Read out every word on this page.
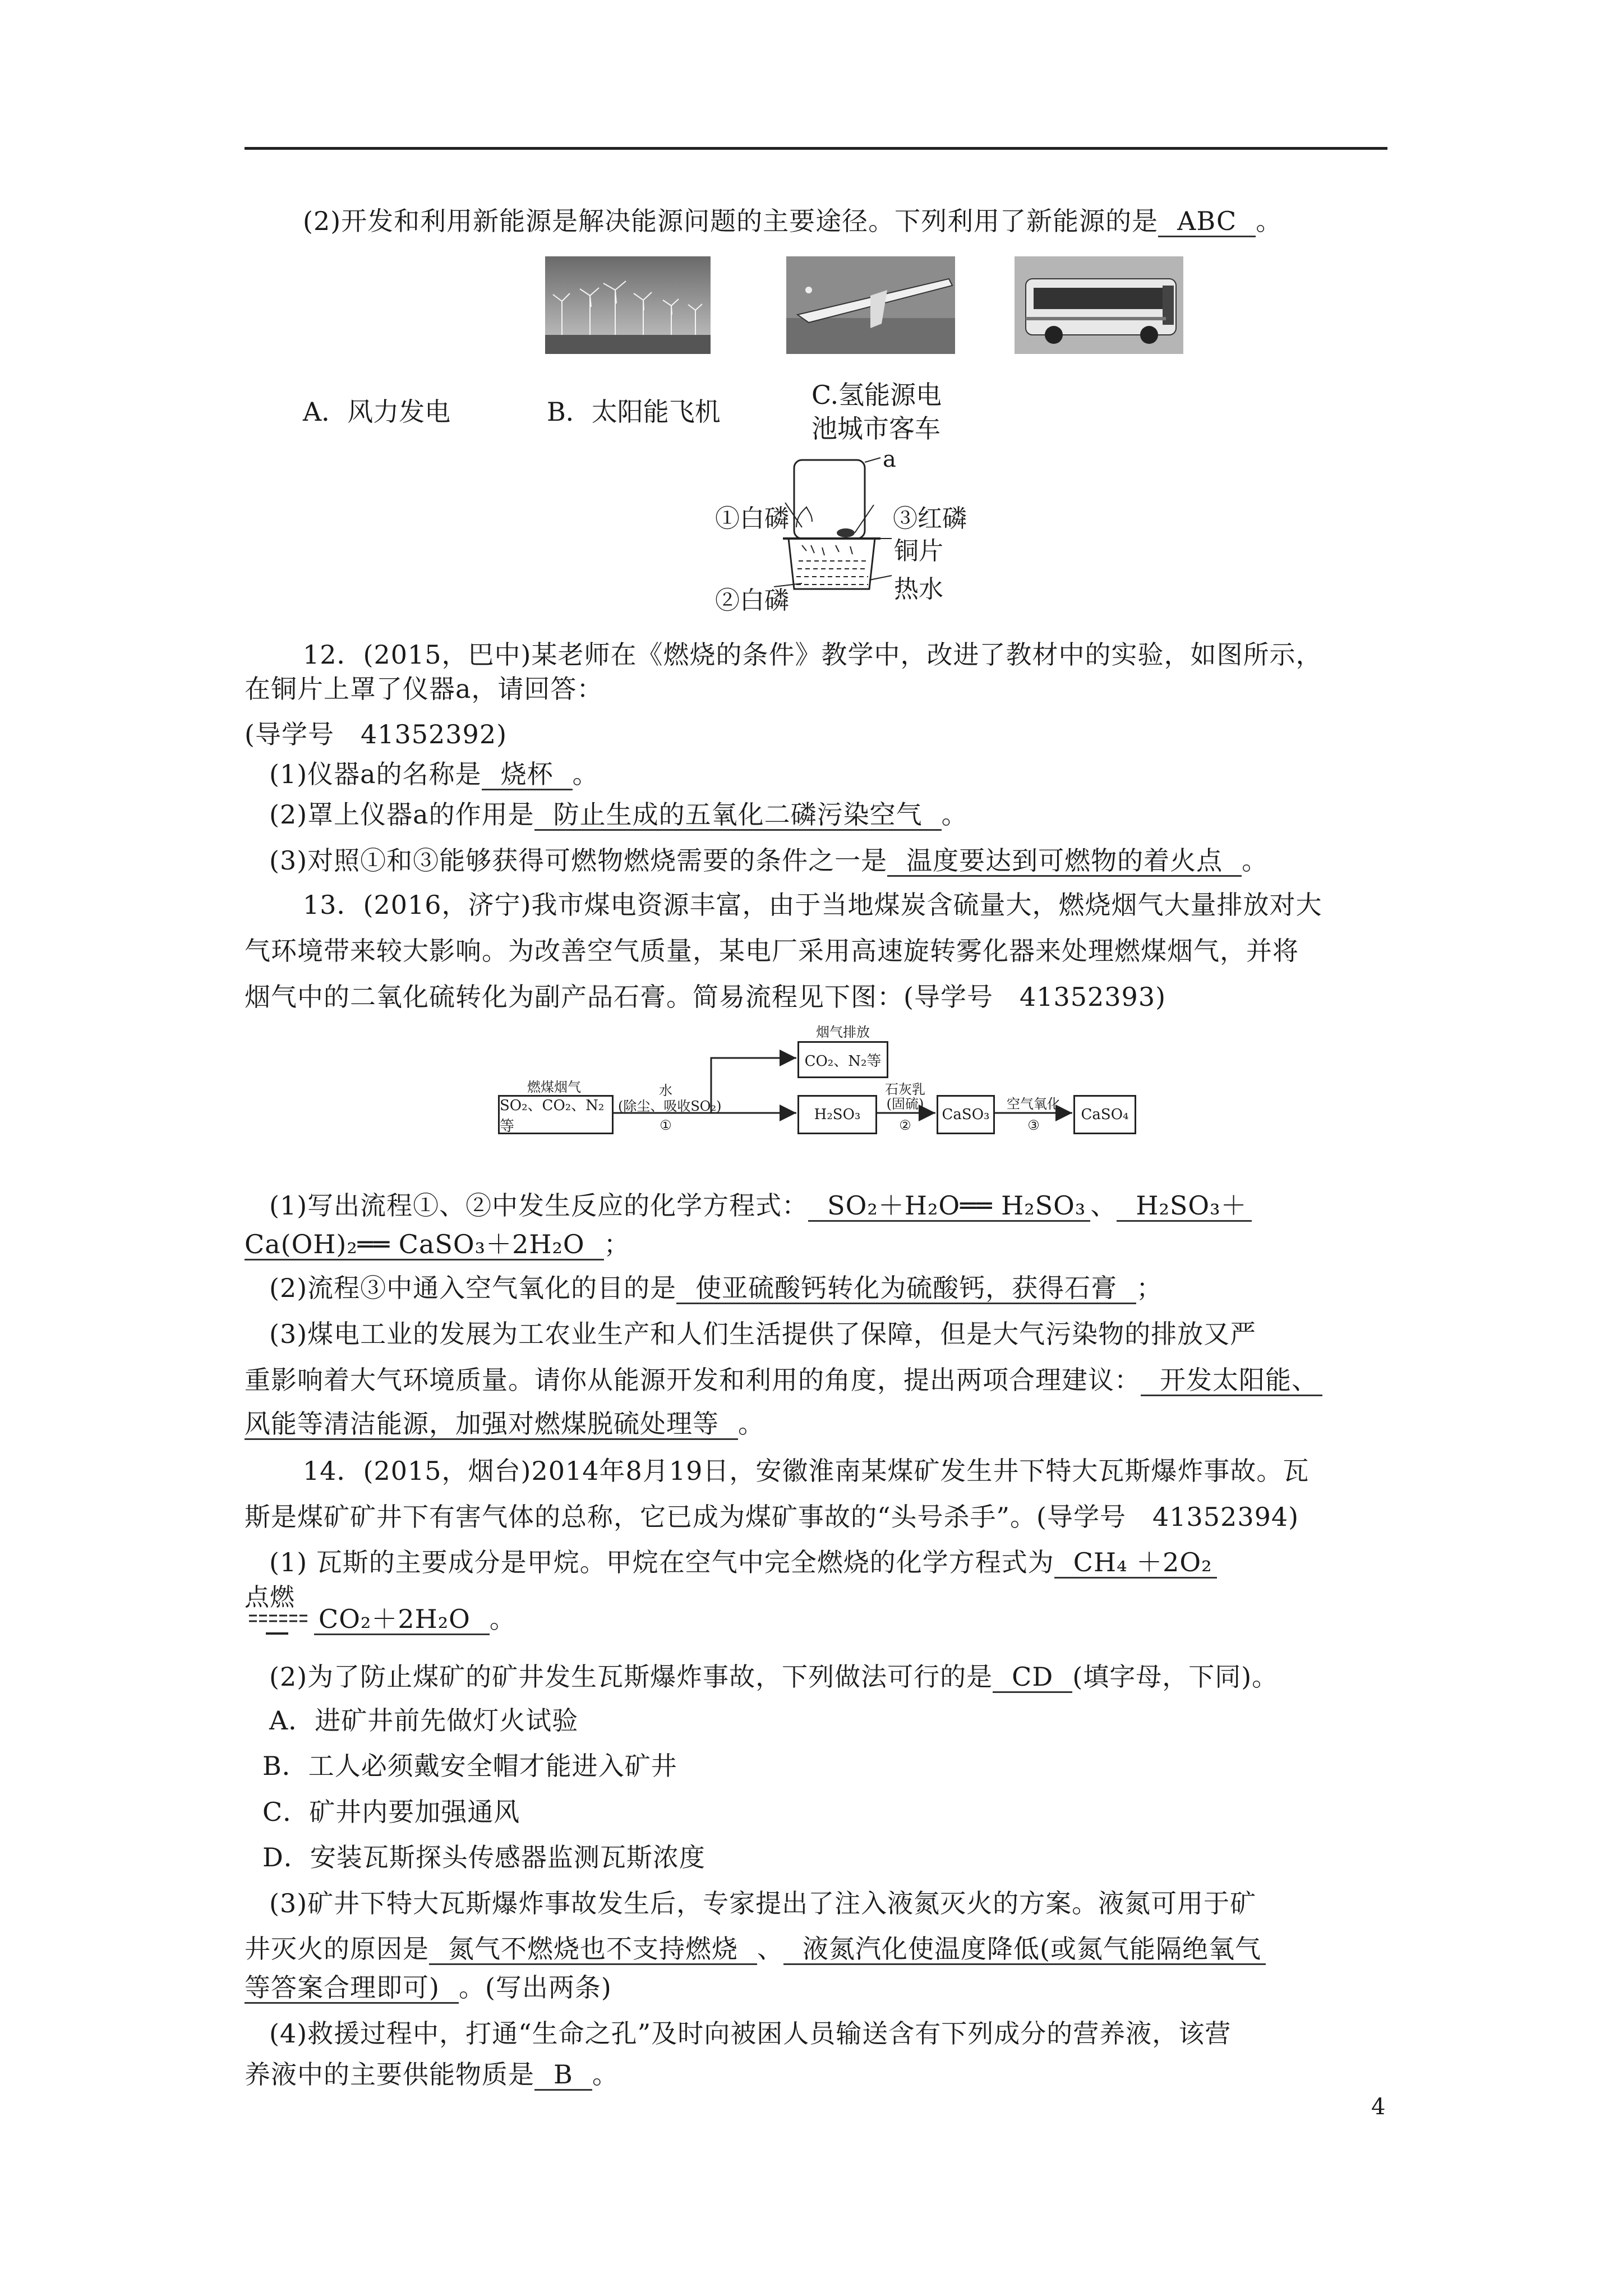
(2)开发和利用新能源是解决能源问题的主要途径。下列利用了新能源的是 ABC 。
A．风力发电	B．太阳能飞机
C.氢能源电
池城市客车
a
①白磷	③红磷
铜片
②白磷	热水
12．(2015，巴中)某老师在《燃烧的条件》教学中，改进了教材中的实验，如图所示，
在铜片上罩了仪器a，请回答：
(导学号　41352392)
(1)仪器a的名称是 烧杯 。
(2)罩上仪器a的作用是 防止生成的五氧化二磷污染空气 。
(3)对照①和③能够获得可燃物燃烧需要的条件之一是 温度要达到可燃物的着火点 。
13．(2016，济宁)我市煤电资源丰富，由于当地煤炭含硫量大，燃烧烟气大量排放对大
气环境带来较大影响。为改善空气质量，某电厂采用高速旋转雾化器来处理燃煤烟气，并将
烟气中的二氧化硫转化为副产品石膏。简易流程见下图：(导学号　41352393)
烟气排放
CO₂、N₂等
燃煤烟气
SO₂、CO₂、N₂等
水
(除尘、吸收SO₂)
①
H₂SO₃
石灰乳
(固硫)
②
CaSO₃
空气氧化
③
CaSO₄
(1)写出流程①、②中发生反应的化学方程式： SO₂＋H₂O══ H₂SO₃ 、 H₂SO₃＋
Ca(OH)₂══ CaSO₃＋2H₂O ；
(2)流程③中通入空气氧化的目的是 使亚硫酸钙转化为硫酸钙，获得石膏 ；
(3)煤电工业的发展为工农业生产和人们生活提供了保障，但是大气污染物的排放又严
重影响着大气环境质量。请你从能源开发和利用的角度，提出两项合理建议： 开发太阳能、
风能等清洁能源，加强对燃煤脱硫处理等 。
14．(2015，烟台)2014年8月19日，安徽淮南某煤矿发生井下特大瓦斯爆炸事故。瓦
斯是煤矿矿井下有害气体的总称，它已成为煤矿事故的“头号杀手”。(导学号　41352394)
(1) 瓦斯的主要成分是甲烷。甲烷在空气中完全燃烧的化学方程式为 CH₄ ＋2O₂
点燃
CO₂＋2H₂O 。
(2)为了防止煤矿的矿井发生瓦斯爆炸事故，下列做法可行的是 CD (填字母，下同)。
A．进矿井前先做灯火试验
B．工人必须戴安全帽才能进入矿井
C．矿井内要加强通风
D．安装瓦斯探头传感器监测瓦斯浓度
(3)矿井下特大瓦斯爆炸事故发生后，专家提出了注入液氮灭火的方案。液氮可用于矿
井灭火的原因是 氮气不燃烧也不支持燃烧 、 液氮汽化使温度降低(或氮气能隔绝氧气
等答案合理即可) 。(写出两条)
(4)救援过程中，打通“生命之孔”及时向被困人员输送含有下列成分的营养液，该营
养液中的主要供能物质是 B 。
4
